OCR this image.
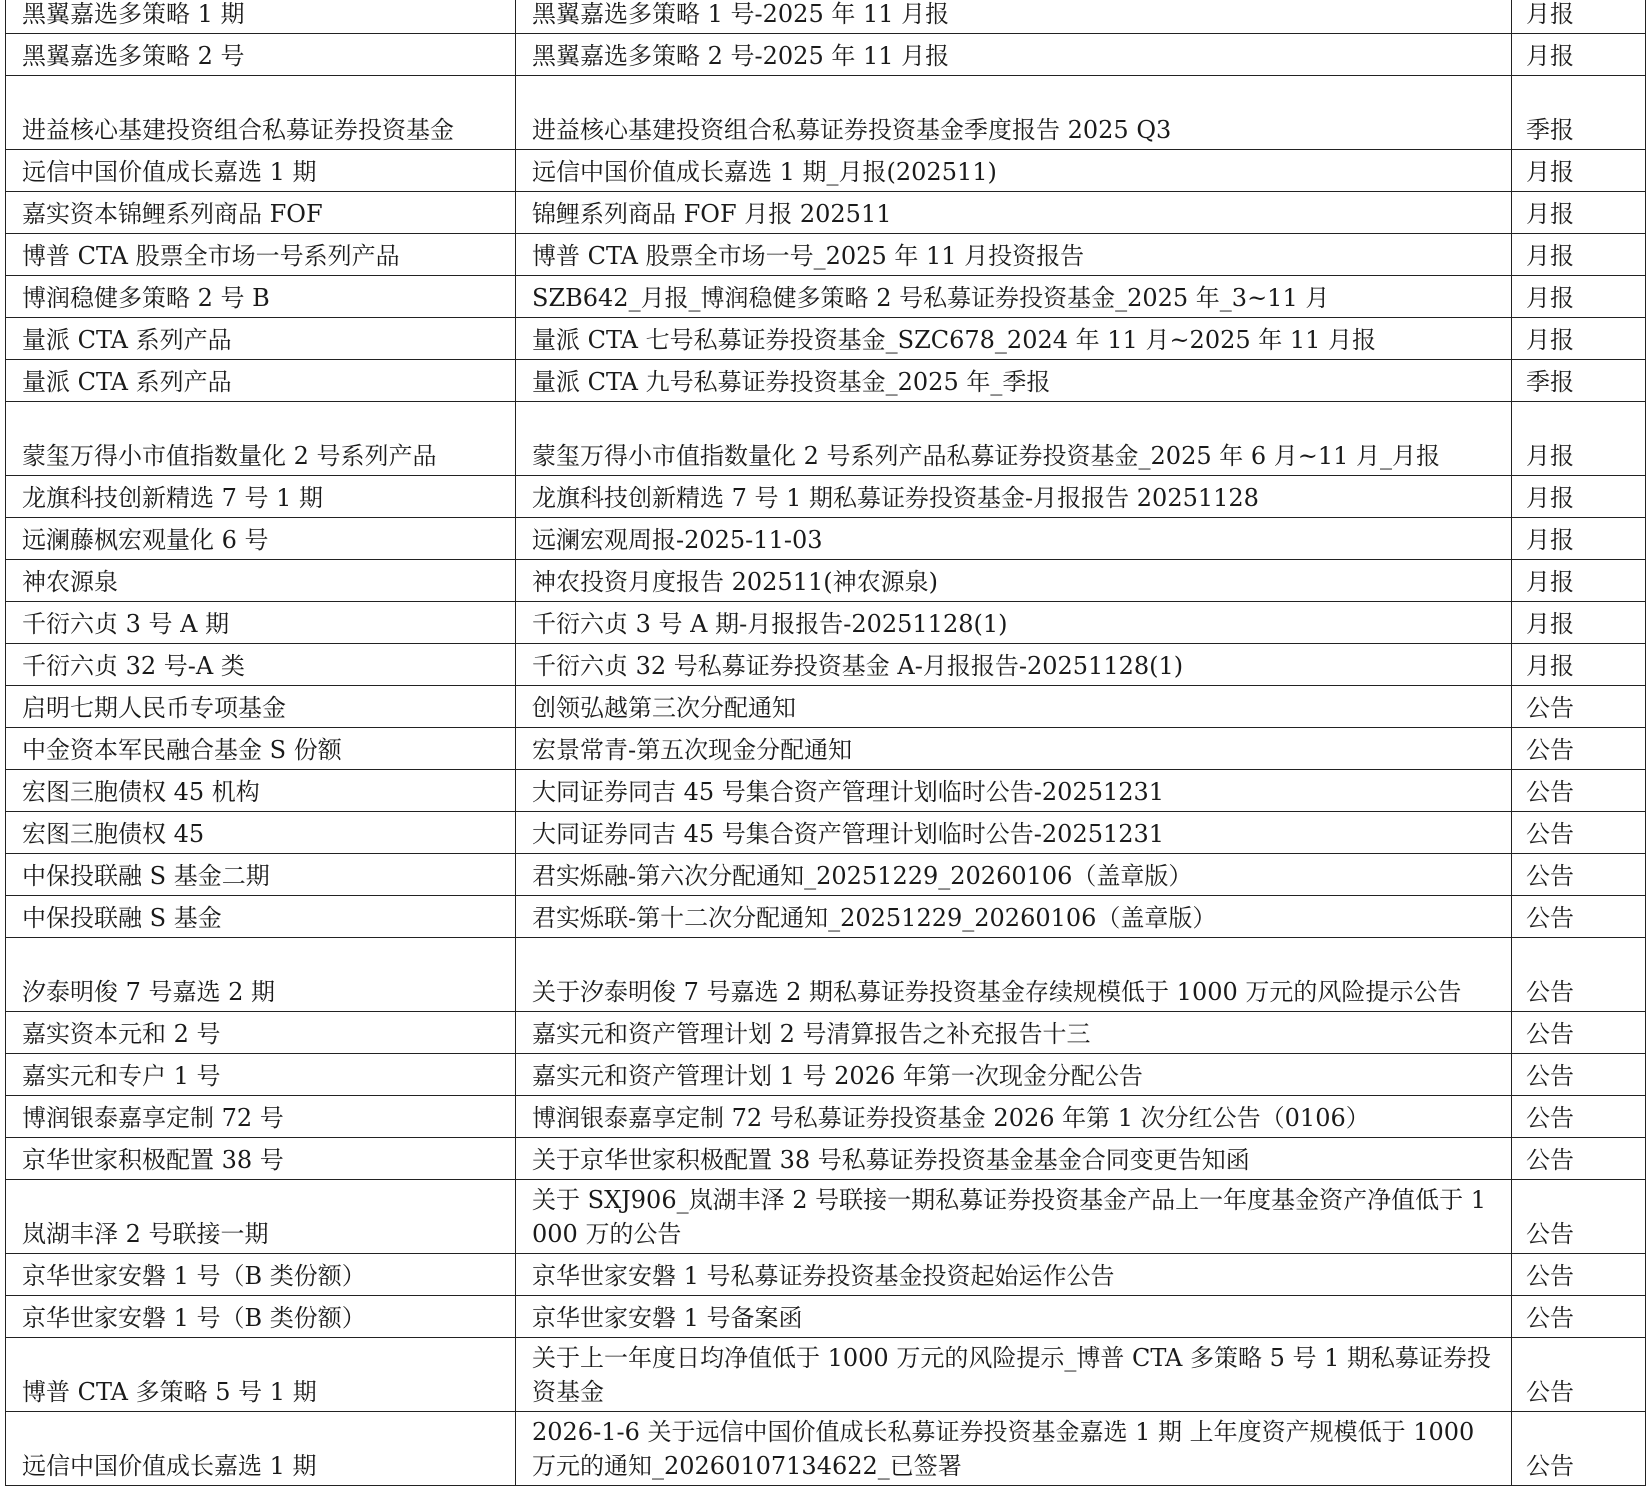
黑翼嘉选多策略 1 期	黑翼嘉选多策略 1 号-2025 年 11 月报	月报

黑翼嘉选多策略 2 号	黑翼嘉选多策略 2 号-2025 年 11 月报	月报

进益核心基建投资组合私募证券投资基金	进益核心基建投资组合私募证券投资基金季度报告 2025 Q3	季报

远信中国价值成长嘉选 1 期	远信中国价值成长嘉选 1 期_月报(202511)	月报

嘉实资本锦鲤系列商品 FOF	锦鲤系列商品 FOF 月报 202511	月报

博普 CTA 股票全市场一号系列产品	博普 CTA 股票全市场一号_2025 年 11 月投资报告	月报

博润稳健多策略 2 号 B	SZB642_月报_博润稳健多策略 2 号私募证券投资基金_2025 年_3~11 月	月报

量派 CTA 系列产品	量派 CTA 七号私募证券投资基金_SZC678_2024 年 11 月~2025 年 11 月报	月报

量派 CTA 系列产品	量派 CTA 九号私募证券投资基金_2025 年_季报	季报

蒙玺万得小市值指数量化 2 号系列产品	蒙玺万得小市值指数量化 2 号系列产品私募证券投资基金_2025 年 6 月~11 月_月报	月报

龙旗科技创新精选 7 号 1 期	龙旗科技创新精选 7 号 1 期私募证券投资基金-月报报告 20251128	月报

远澜藤枫宏观量化 6 号	远澜宏观周报-2025-11-03	月报

神农源泉	神农投资月度报告 202511(神农源泉)	月报

千衍六贞 3 号 A 期	千衍六贞 3 号 A 期-月报报告-20251128(1)	月报

千衍六贞 32 号-A 类	千衍六贞 32 号私募证券投资基金 A-月报报告-20251128(1)	月报

启明七期人民币专项基金	创领弘越第三次分配通知	公告

中金资本军民融合基金 S 份额	宏景常青-第五次现金分配通知	公告

宏图三胞债权 45 机构	大同证券同吉 45 号集合资产管理计划临时公告-20251231	公告

宏图三胞债权 45	大同证券同吉 45 号集合资产管理计划临时公告-20251231	公告

中保投联融 S 基金二期	君实烁融-第六次分配通知_20251229_20260106（盖章版）	公告

中保投联融 S 基金	君实烁联-第十二次分配通知_20251229_20260106（盖章版）	公告

汐泰明俊 7 号嘉选 2 期	关于汐泰明俊 7 号嘉选 2 期私募证券投资基金存续规模低于 1000 万元的风险提示公告	公告

嘉实资本元和 2 号	嘉实元和资产管理计划 2 号清算报告之补充报告十三	公告

嘉实元和专户 1 号	嘉实元和资产管理计划 1 号 2026 年第一次现金分配公告	公告

博润银泰嘉享定制 72 号	博润银泰嘉享定制 72 号私募证券投资基金 2026 年第 1 次分红公告（0106）	公告

京华世家积极配置 38 号	关于京华世家积极配置 38 号私募证券投资基金基金合同变更告知函	公告

岚湖丰泽 2 号联接一期	关于 SXJ906_岚湖丰泽 2 号联接一期私募证券投资基金产品上一年度基金资产净值低于 1000 万的公告	公告

京华世家安磐 1 号（B 类份额）	京华世家安磐 1 号私募证券投资基金投资起始运作公告	公告

京华世家安磐 1 号（B 类份额）	京华世家安磐 1 号备案函	公告

博普 CTA 多策略 5 号 1 期	关于上一年度日均净值低于 1000 万元的风险提示_博普 CTA 多策略 5 号 1 期私募证券投资基金	公告

远信中国价值成长嘉选 1 期	2026-1-6 关于远信中国价值成长私募证券投资基金嘉选 1 期 上年度资产规模低于 1000 万元的通知_20260107134622_已签署	公告
